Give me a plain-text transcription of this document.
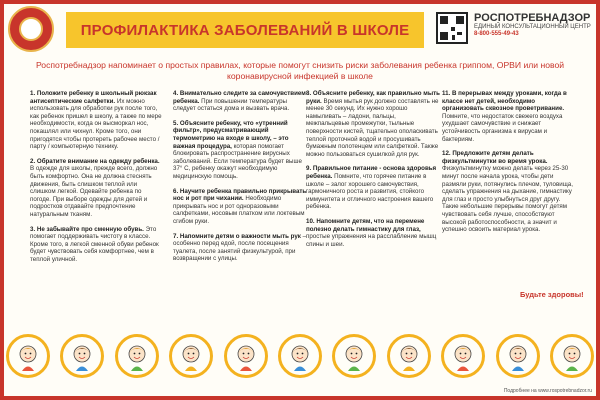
ПРОФИЛАКТИКА ЗАБОЛЕВАНИЙ В ШКОЛЕ
РОСПОТРЕБНАДЗОР
ЕДИНЫЙ КОНСУЛЬТАЦИОННЫЙ ЦЕНТР
8-800-555-49-43
Роспотребнадзор напоминает о простых правилах, которые помогут снизить риски заболевания ребенка гриппом, ОРВИ или новой коронавирусной инфекцией в школе
1. Положите ребенку в школьный рюкзак антисептические салфетки. Их можно использовать для обработки рук после того, как ребенок пришел в школу, а также по мере необходимости, когда он высморкал нос, покашлял или чихнул. Кроме того, они пригодятся чтобы протереть рабочее место / парту / компьютерную технику.
2. Обратите внимание на одежду ребенка. В одежде для школы, прежде всего, должно быть комфортно. Она не должна стеснять движения, быть слишком теплой или слишком легкой. Одевайте ребенка по погоде. При выборе одежды для детей и подростков отдавайте предпочтение натуральным тканям.
3. Не забывайте про сменную обувь. Это помогает поддерживать чистоту в классе. Кроме того, в легкой сменной обуви ребенок будет чувствовать себя комфортнее, чем в теплой уличной.
4. Внимательно следите за самочувствием ребенка. При повышении температуры следует остаться дома и вызвать врача.
5. Объясните ребенку, что «утренний фильтр», предусматривающий термометрию на входе в школу, – это важная процедура, которая помогает блокировать распространение вирусных заболеваний. Если температура будет выше 37° С, ребенку окажут необходимую медицинскую помощь.
6. Научите ребенка правильно прикрывать нос и рот при чихании. Необходимо прикрывать нос и рот одноразовыми салфетками, носовым платком или локтевым сгибом руки.
7. Напомните детям о важности мыть рук – особенно перед едой, после посещения туалета, после занятий физкультурой, при возвращении с улицы.
8. Объясните ребенку, как правильно мыть руки. Время мытья рук должно составлять не менее 30 секунд. Их нужно хорошо намыливать – ладони, пальцы, межпальцевые промежутки, тыльные поверхности кистей, тщательно ополаскивать теплой проточной водой и просушивать бумажным полотенцем или салфеткой. Также можно пользоваться сушилкой для рук.
9. Правильное питание - основа здоровья ребенка. Помните, что горячее питание в школе – залог хорошего самочувствия, гармоничного роста и развития, стойкого иммунитета и отличного настроения вашего ребенка.
10. Напомните детям, что на перемене полезно делать гимнастику для глаз, простые упражнения на расслабление мышц спины и шеи.
11. В перерывах между уроками, когда в классе нет детей, необходимо организовать сквозное проветривание. Помните, что недостаток свежего воздуха ухудшает самочувствие и снижает устойчивость организма к вирусам и бактериям.
12. Предложите детям делать физкультминутки во время урока. Физкультминутку можно делать через 25-30 минут после начала урока, чтобы дети размяли руки, потянулись плечом, туловища, сделать упражнения на дыхание, гимнастику для глаз и просто улыбнуться друг другу. Такие небольшие перерывы помогут детям чувствовать себя лучше, способствуют высокой работоспособности, а значит и успешно освоить материал урока.
Будьте здоровы!
Подробнее на www.rospotrebnadzor.ru
